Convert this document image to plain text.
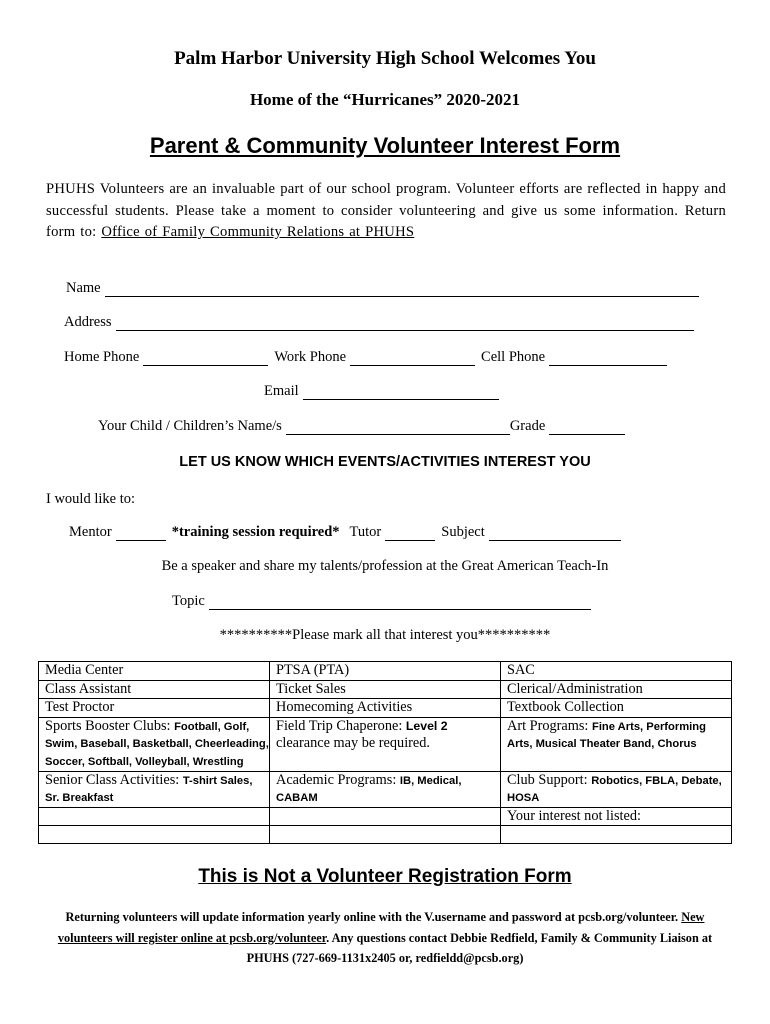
Palm Harbor University High School Welcomes You
Home of the “Hurricanes” 2020-2021
Parent & Community Volunteer Interest Form
PHUHS Volunteers are an invaluable part of our school program. Volunteer efforts are reflected in happy and successful students. Please take a moment to consider volunteering and give us some information. Return form to: Office of Family Community Relations at PHUHS
Name
Address
Home Phone	Work Phone	Cell Phone
Email
Your Child / Children’s Name/s	Grade
LET US KNOW WHICH EVENTS/ACTIVITIES INTEREST YOU
I would like to:
Mentor	*training session required* Tutor	Subject
Be a speaker and share my talents/profession at the Great American Teach-In
Topic
**********Please mark all that interest you**********
Media Center	PTSA (PTA)	SAC
Class Assistant	Ticket Sales	Clerical/Administration
Test Proctor	Homecoming Activities	Textbook Collection
Sports Booster Clubs: Football, Golf, Swim, Baseball, Basketball, Cheerleading, Soccer, Softball, Volleyball, Wrestling	Field Trip Chaperone: Level 2 clearance may be required.	Art Programs: Fine Arts, Performing Arts, Musical Theater Band, Chorus
Senior Class Activities: T-shirt Sales, Sr. Breakfast	Academic Programs: IB, Medical, CABAM	Club Support: Robotics, FBLA, Debate, HOSA
		Your interest not listed:

This is Not a Volunteer Registration Form
Returning volunteers will update information yearly online with the V.username and password at pcsb.org/volunteer. New volunteers will register online at pcsb.org/volunteer. Any questions contact Debbie Redfield, Family & Community Liaison at PHUHS (727-669-1131x2405 or, redfieldd@pcsb.org)
